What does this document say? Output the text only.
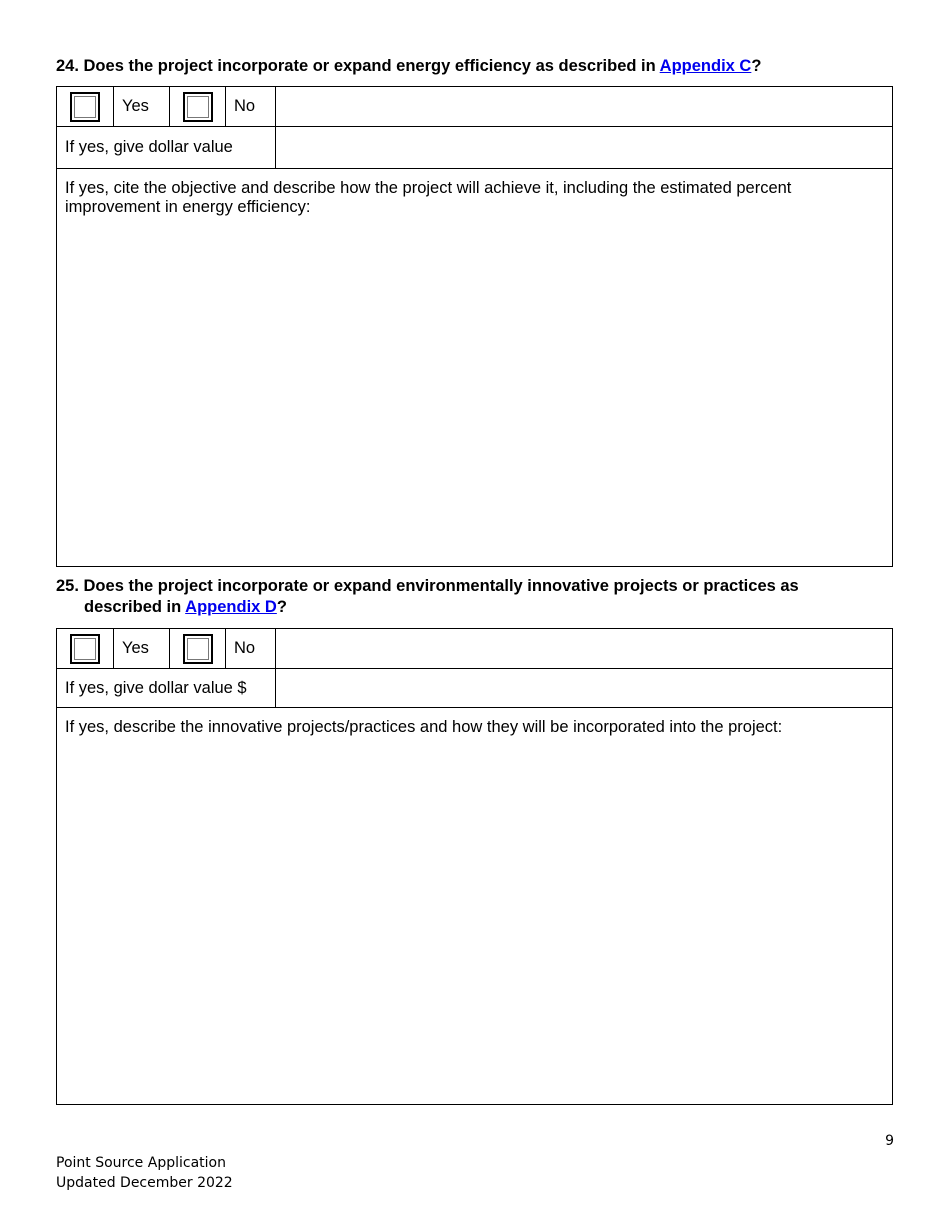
24. Does the project incorporate or expand energy efficiency as described in Appendix C?
Yes	No
If yes, give dollar value
If yes, cite the objective and describe how the project will achieve it, including the estimated percent improvement in energy efficiency:
25. Does the project incorporate or expand environmentally innovative projects or practices as
described in Appendix D?
Yes	No
If yes, give dollar value $
If yes, describe the innovative projects/practices and how they will be incorporated into the project:
9
Point Source Application
Updated December 2022
